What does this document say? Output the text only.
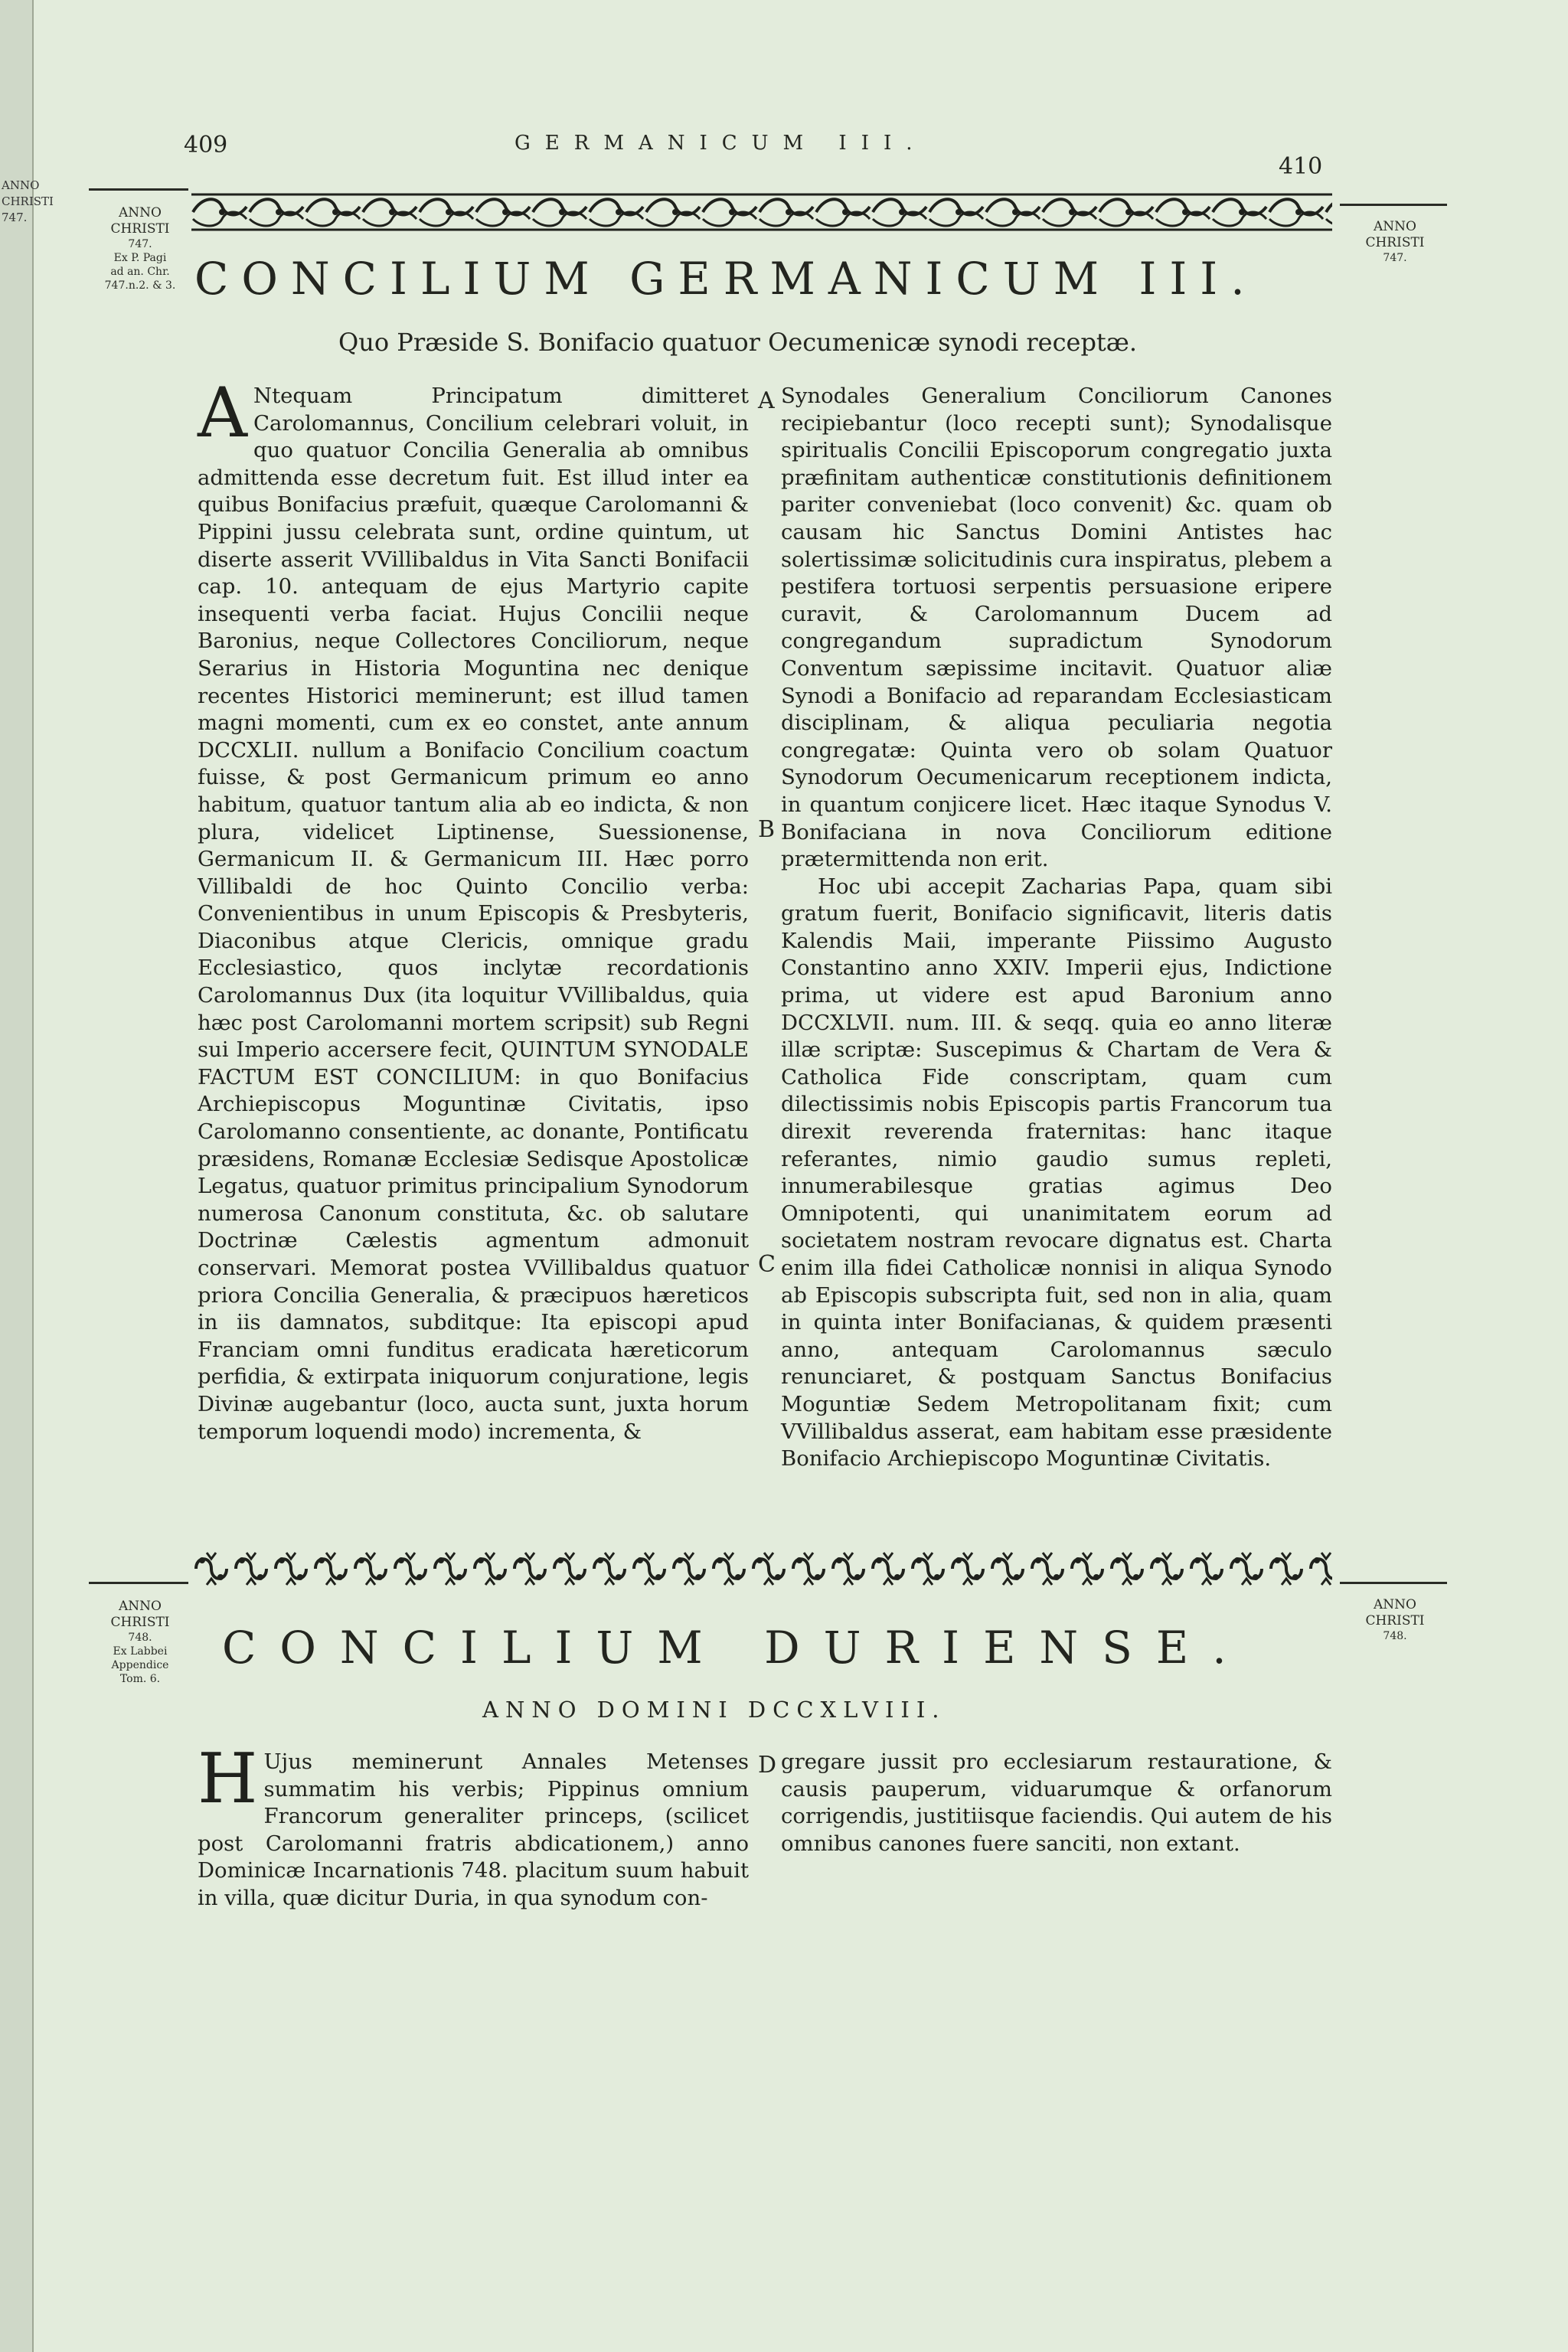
ANNO
CHRISTI
747.
409	GERMANICUM III.
410
ANNO
CHRISTI
747.
Ex P. Pagi
ad an. Chr.
747.n.2. & 3.
ANNO
CHRISTI
747.
CONCILIUM GERMANICUM III.
Quo Præside S. Bonifacio quatuor Oecumenicæ synodi receptæ.

A Ntequam Principatum dimitteret Carolomannus, Concilium celebrari voluit, in quo quatuor Concilia Generalia ab omnibus admittenda esse decretum fuit. Est illud inter ea quibus Bonifacius præfuit, quæque Carolomanni & Pippini jussu celebrata sunt, ordine quintum, ut diserte asserit VVillibaldus in Vita Sancti Bonifacii cap. 10. antequam de ejus Martyrio capite insequenti verba faciat. Hujus Concilii neque Baronius, neque Collectores Conciliorum, neque Serarius in Historia Moguntina nec denique recentes Historici meminerunt; est illud tamen magni momenti, cum ex eo constet, ante annum DCCXLII. nullum a Bonifacio Concilium coactum fuisse, & post Germanicum primum eo anno habitum, quatuor tantum alia ab eo indicta, & non plura, videlicet Liptinense, Suessionense, Germanicum II. & Germanicum III. Hæc porro Villibaldi de hoc Quinto Concilio verba: Convenientibus in unum Episcopis & Presbyteris, Diaconibus atque Clericis, omnique gradu Ecclesiastico, quos inclytæ recordationis Carolomannus Dux (ita loquitur VVillibaldus, quia hæc post Carolomanni mortem scripsit) sub Regni sui Imperio accersere fecit, QUINTUM SYNODALE FACTUM EST CONCILIUM: in quo Bonifacius Archiepiscopus Moguntinæ Civitatis, ipso Carolomanno consentiente, ac donante, Pontificatu præsidens, Romanæ Ecclesiæ Sedisque Apostolicæ Legatus, quatuor primitus principalium Synodorum numerosa Canonum constituta, &c. ob salutare Doctrinæ Cælestis agmentum admonuit conservari. Memorat postea VVillibaldus quatuor priora Concilia Generalia, & præcipuos hæreticos in iis damnatos, subditque: Ita episcopi apud Franciam omni funditus eradicata hæreticorum perfidia, & extirpata iniquorum conjuratione, legis Divinæ augebantur (loco, aucta sunt, juxta horum temporum loquendi modo) incrementa, &

Synodales Generalium Conciliorum Canones recipiebantur (loco recepti sunt); Synodalisque spiritualis Concilii Episcoporum congregatio juxta præfinitam authenticæ constitutionis definitionem pariter conveniebat (loco convenit) &c. quam ob causam hic Sanctus Domini Antistes hac solertissimæ solicitudinis cura inspiratus, plebem a pestifera tortuosi serpentis persuasione eripere curavit, & Carolomannum Ducem ad congregandum supradictum Synodorum Conventum sæpissime incitavit. Quatuor aliæ Synodi a Bonifacio ad reparandam Ecclesiasticam disciplinam, & aliqua peculiaria negotia congregatæ: Quinta vero ob solam Quatuor Synodorum Oecumenicarum receptionem indicta, in quantum conjicere licet. Hæc itaque Synodus V. Bonifaciana in nova Conciliorum editione prætermittenda non erit.

Hoc ubi accepit Zacharias Papa, quam sibi gratum fuerit, Bonifacio significavit, literis datis Kalendis Maii, imperante Piissimo Augusto Constantino anno XXIV. Imperii ejus, Indictione prima, ut videre est apud Baronium anno DCCXLVII. num. III. & seqq. quia eo anno literæ illæ scriptæ: Suscepimus & Chartam de Vera & Catholica Fide conscriptam, quam cum dilectissimis nobis Episcopis partis Francorum tua direxit reverenda fraternitas: hanc itaque referantes, nimio gaudio sumus repleti, innumerabilesque gratias agimus Deo Omnipotenti, qui unanimitatem eorum ad societatem nostram revocare dignatus est. Charta enim illa fidei Catholicæ nonnisi in aliqua Synodo ab Episcopis subscripta fuit, sed non in alia, quam in quinta inter Bonifacianas, & quidem præsenti anno, antequam Carolomannus sæculo renunciaret, & postquam Sanctus Bonifacius Moguntiæ Sedem Metropolitanam fixit; cum VVillibaldus asserat, eam habitam esse præsidente Bonifacio Archiepiscopo Moguntinæ Civitatis.

A
B
C
ANNO
CHRISTI
748.
Ex Labbei
Appendice
Tom. 6.
ANNO
CHRISTI
748.
CONCILIUM DURIENSE.
ANNO DOMINI DCCXLVIII.

H Ujus meminerunt Annales Metenses summatim his verbis; Pippinus omnium Francorum generaliter princeps, (scilicet post Carolomanni fratris abdicationem,) anno Dominicæ Incarnationis 748. placitum suum habuit in villa, quæ dicitur Duria, in qua synodum con-

gregare jussit pro ecclesiarum restauratione, & causis pauperum, viduarumque & orfanorum corrigendis, justitiisque faciendis. Qui autem de his omnibus canones fuere sanciti, non extant.

D
